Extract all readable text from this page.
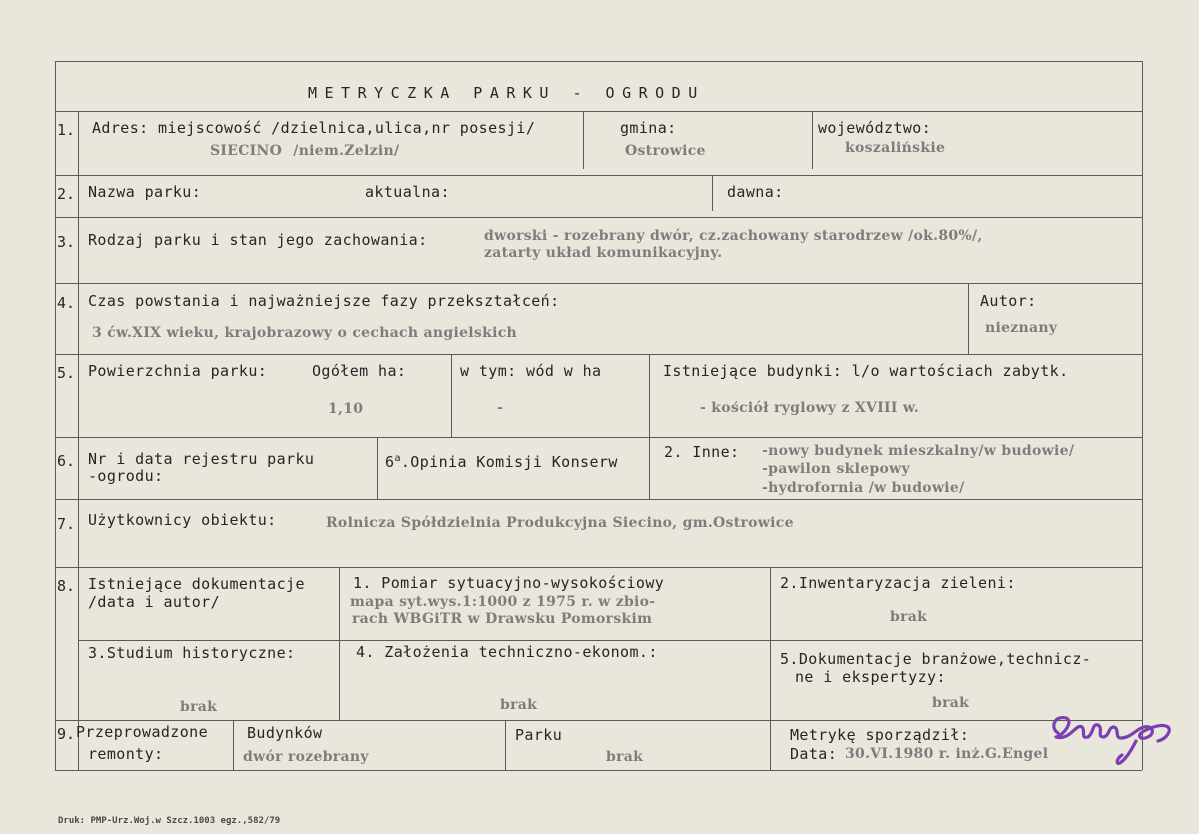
METRYCZKA PARKU - OGRODU
1. Adres: miejscowość /dzielnica,ulica,nr posesji/
SIECINO /niem.Zelzin/
gmina:
Ostrowice
województwo:
koszalińskie
2. Nazwa parku:	aktualna:	dawna:
3. Rodzaj parku i stan jego zachowania:	dworski - rozebrany dwór, cz.zachowany starodrzew /ok.80%/,
zatarty układ komunikacyjny.
4. Czas powstania i najważniejsze fazy przekształceń:
3 ćw.XIX wieku, krajobrazowy o cechach angielskich
Autor:
nieznany
5. Powierzchnia parku:	Ogółem ha:
1,10
w tym: wód w ha
-
Istniejące budynki: l/o wartościach zabytk.
- kościół ryglowy z XVIII w.
6. Nr i data rejestru parku
-ogrodu:
6$^a$.Opinia Komisji Konserw
2. Inne: -nowy budynek mieszkalny/w budowie/
-pawilon sklepowy
-hydrofornia /w budowie/
7. Użytkownicy obiektu:	Rolnicza Spółdzielnia Produkcyjna Siecino, gm.Ostrowice
8. Istniejące dokumentacje
/data i autor/
1. Pomiar sytuacyjno-wysokościowy
mapa syt.wys.1:1000 z 1975 r. w zbio-
rach WBGiTR w Drawsku Pomorskim
2.Inwentaryzacja zieleni:
brak
3.Studium historyczne:
brak
4. Założenia techniczno-ekonom.:
brak
5.Dokumentacje branżowe,technicz-
ne i ekspertyzy:
brak
9. Przeprowadzone
remonty:
Budynków
dwór rozebrany
Parku
brak
Metrykę sporządził:
Data: 30.VI.1980 r. inż.G.Engel
Druk: PMP-Urz.Woj.w Szcz.1003 egz.,582/79
